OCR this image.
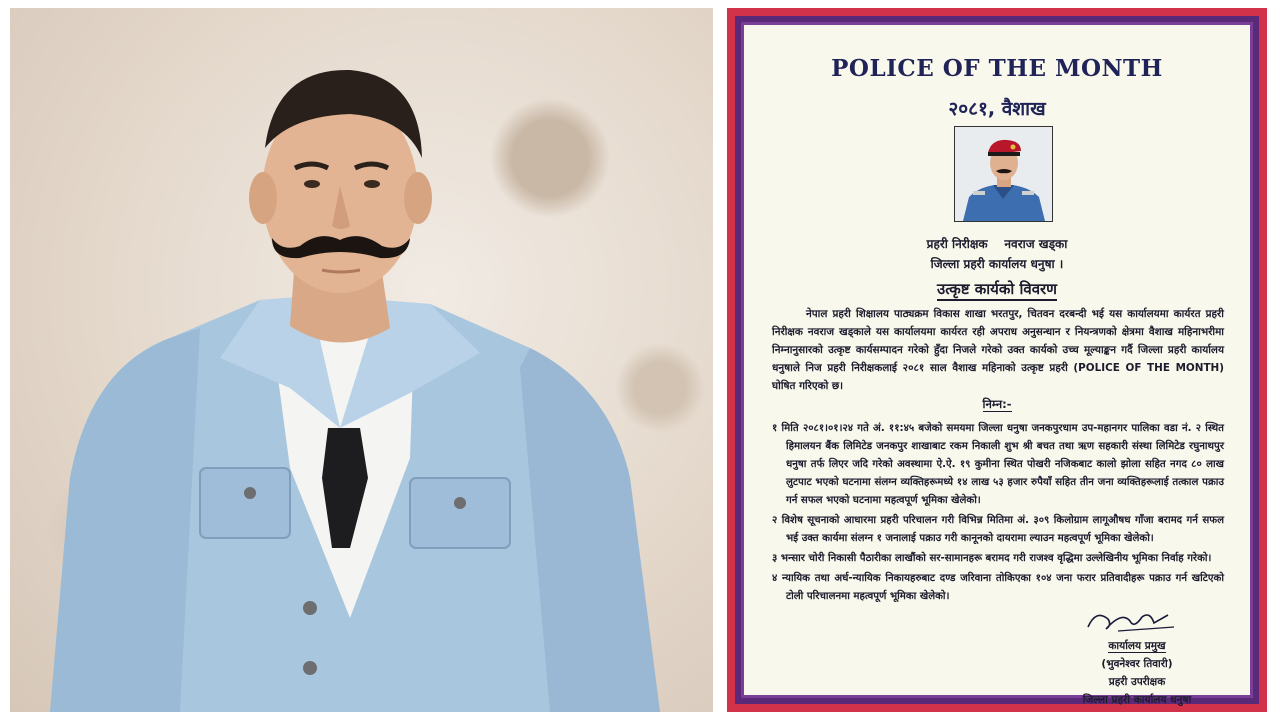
POLICE OF THE MONTH
२०८१, वैशाख
प्रहरी निरीक्षक नवराज खड्का
जिल्ला प्रहरी कार्यालय धनुषा ।
उत्कृष्ट कार्यको विवरण
नेपाल प्रहरी शिक्षालय पाठ्यक्रम विकास शाखा भरतपुर, चितवन दरबन्दी भई यस कार्यालयमा कार्यरत प्रहरी निरीक्षक नवराज खड्काले यस कार्यालयमा कार्यरत रही अपराध अनुसन्धान र नियन्त्रणको क्षेत्रमा वैशाख महिनाभरीमा निम्नानुसारको उत्कृष्ट कार्यसम्पादन गरेको हुँदा निजले गरेको उक्त कार्यको उच्च मूल्याङ्कन गर्दै जिल्ला प्रहरी कार्यालय धनुषाले निज प्रहरी निरीक्षकलाई २०८१ साल वैशाख महिनाको उत्कृष्ट प्रहरी (POLICE OF THE MONTH) घोषित गरिएको छ।
निम्न:-
१ मिति २०८१।०१।२४ गते अं. ११:४५ बजेको समयमा जिल्ला धनुषा जनकपुरधाम उप-महानगर पालिका वडा नं. २ स्थित हिमालयन बैंक लिमिटेड जनकपुर शाखाबाट रकम निकाली शुभ श्री बचत तथा ऋण सहकारी संस्था लिमिटेड रघुनाथपुर धनुषा तर्फ लिएर जदि गरेको अवस्थामा ऐ.ऐ. १९ कुमीना स्थित पोखरी नजिकबाट कालो झोला सहित नगद ८० लाख लुटपाट भएको घटनामा संलग्न व्यक्तिहरूमध्ये १४ लाख ५३ हजार रुपैयाँ सहित तीन जना व्यक्तिहरूलाई तत्काल पक्राउ गर्न सफल भएको घटनामा महत्वपूर्ण भूमिका खेलेको।
२ विशेष सूचनाको आधारमा प्रहरी परिचालन गरी विभिन्न मितिमा अं. ३०९ किलोग्राम लागूऔषध गाँजा बरामद गर्न सफल भई उक्त कार्यमा संलग्न १ जनालाई पक्राउ गरी कानूनको दायरामा ल्याउन महत्वपूर्ण भूमिका खेलेको।
३ भन्सार चोरी निकासी पैठारीका लाखौंको सर-सामानहरू बरामद गरी राजश्व वृद्धिमा उल्लेखिनीय भूमिका निर्वाह गरेको।
४ न्यायिक तथा अर्ध-न्यायिक निकायहरुबाट दण्ड जरिवाना तोकिएका १०४ जना फरार प्रतिवादीहरू पक्राउ गर्न खटिएको टोली परिचालनमा महत्वपूर्ण भूमिका खेलेको।
कार्यालय प्रमुख
(भुवनेश्वर तिवारी)
प्रहरी उपरीक्षक
जिल्ला प्रहरी कार्यालय धनुषा
